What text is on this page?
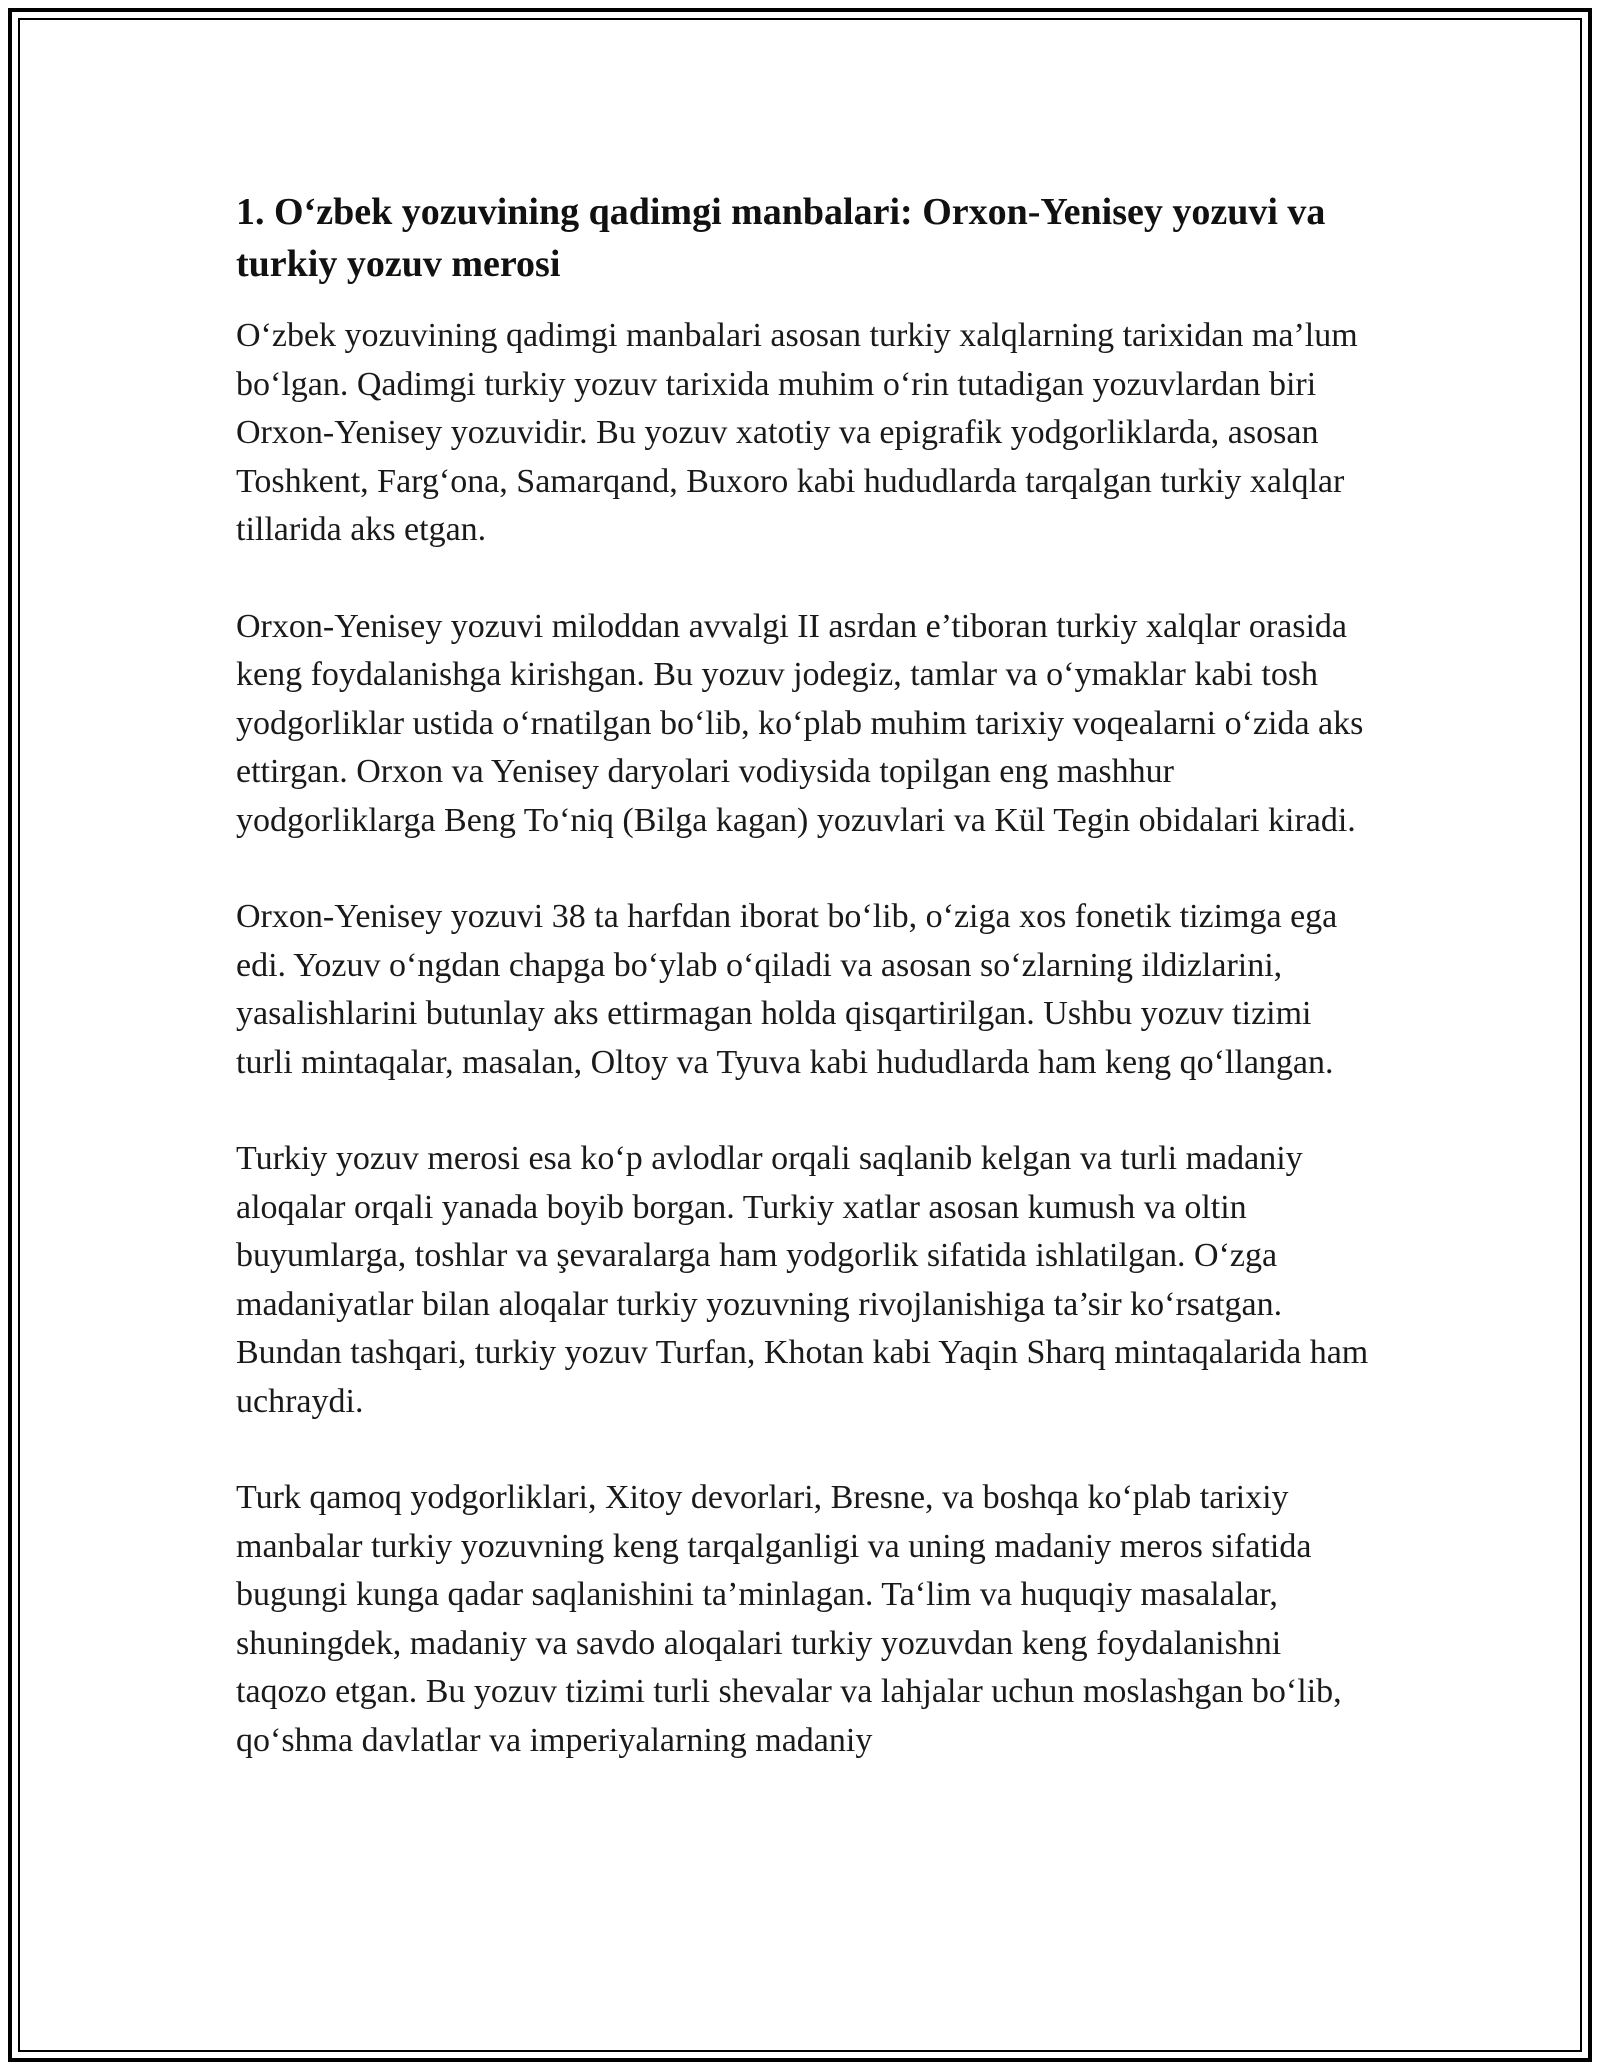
1. O‘zbek yozuvining qadimgi manbalari: Orxon-Yenisey yozuvi va turkiy yozuv merosi

O‘zbek yozuvining qadimgi manbalari asosan turkiy xalqlarning tarixidan ma’lum bo‘lgan. Qadimgi turkiy yozuv tarixida muhim o‘rin tutadigan yozuvlardan biri Orxon-Yenisey yozuvidir. Bu yozuv xatotiy va epigrafik yodgorliklarda, asosan Toshkent, Farg‘ona, Samarqand, Buxoro kabi hududlarda tarqalgan turkiy xalqlar tillarida aks etgan.

Orxon-Yenisey yozuvi miloddan avvalgi II asrdan e’tiboran turkiy xalqlar orasida keng foydalanishga kirishgan. Bu yozuv jodegiz, tamlar va o‘ymaklar kabi tosh yodgorliklar ustida o‘rnatilgan bo‘lib, ko‘plab muhim tarixiy voqealarni o‘zida aks ettirgan. Orxon va Yenisey daryolari vodiysida topilgan eng mashhur yodgorliklarga Beng To‘niq (Bilga kagan) yozuvlari va Kül Tegin obidalari kiradi.

Orxon-Yenisey yozuvi 38 ta harfdan iborat bo‘lib, o‘ziga xos fonetik tizimga ega edi. Yozuv o‘ngdan chapga bo‘ylab o‘qiladi va asosan so‘zlarning ildizlarini, yasalishlarini butunlay aks ettirmagan holda qisqartirilgan. Ushbu yozuv tizimi turli mintaqalar, masalan, Oltoy va Tyuva kabi hududlarda ham keng qo‘llangan.

Turkiy yozuv merosi esa ko‘p avlodlar orqali saqlanib kelgan va turli madaniy aloqalar orqali yanada boyib borgan. Turkiy xatlar asosan kumush va oltin buyumlarga, toshlar va şevaralarga ham yodgorlik sifatida ishlatilgan. O‘zga madaniyatlar bilan aloqalar turkiy yozuvning rivojlanishiga ta’sir ko‘rsatgan. Bundan tashqari, turkiy yozuv Turfan, Khotan kabi Yaqin Sharq mintaqalarida ham uchraydi.

Turk qamoq yodgorliklari, Xitoy devorlari, Bresne, va boshqa ko‘plab tarixiy manbalar turkiy yozuvning keng tarqalganligi va uning madaniy meros sifatida bugungi kunga qadar saqlanishini ta’minlagan. Ta‘lim va huquqiy masalalar, shuningdek, madaniy va savdo aloqalari turkiy yozuvdan keng foydalanishni taqozo etgan. Bu yozuv tizimi turli shevalar va lahjalar uchun moslashgan bo‘lib, qo‘shma davlatlar va imperiyalarning madaniy
